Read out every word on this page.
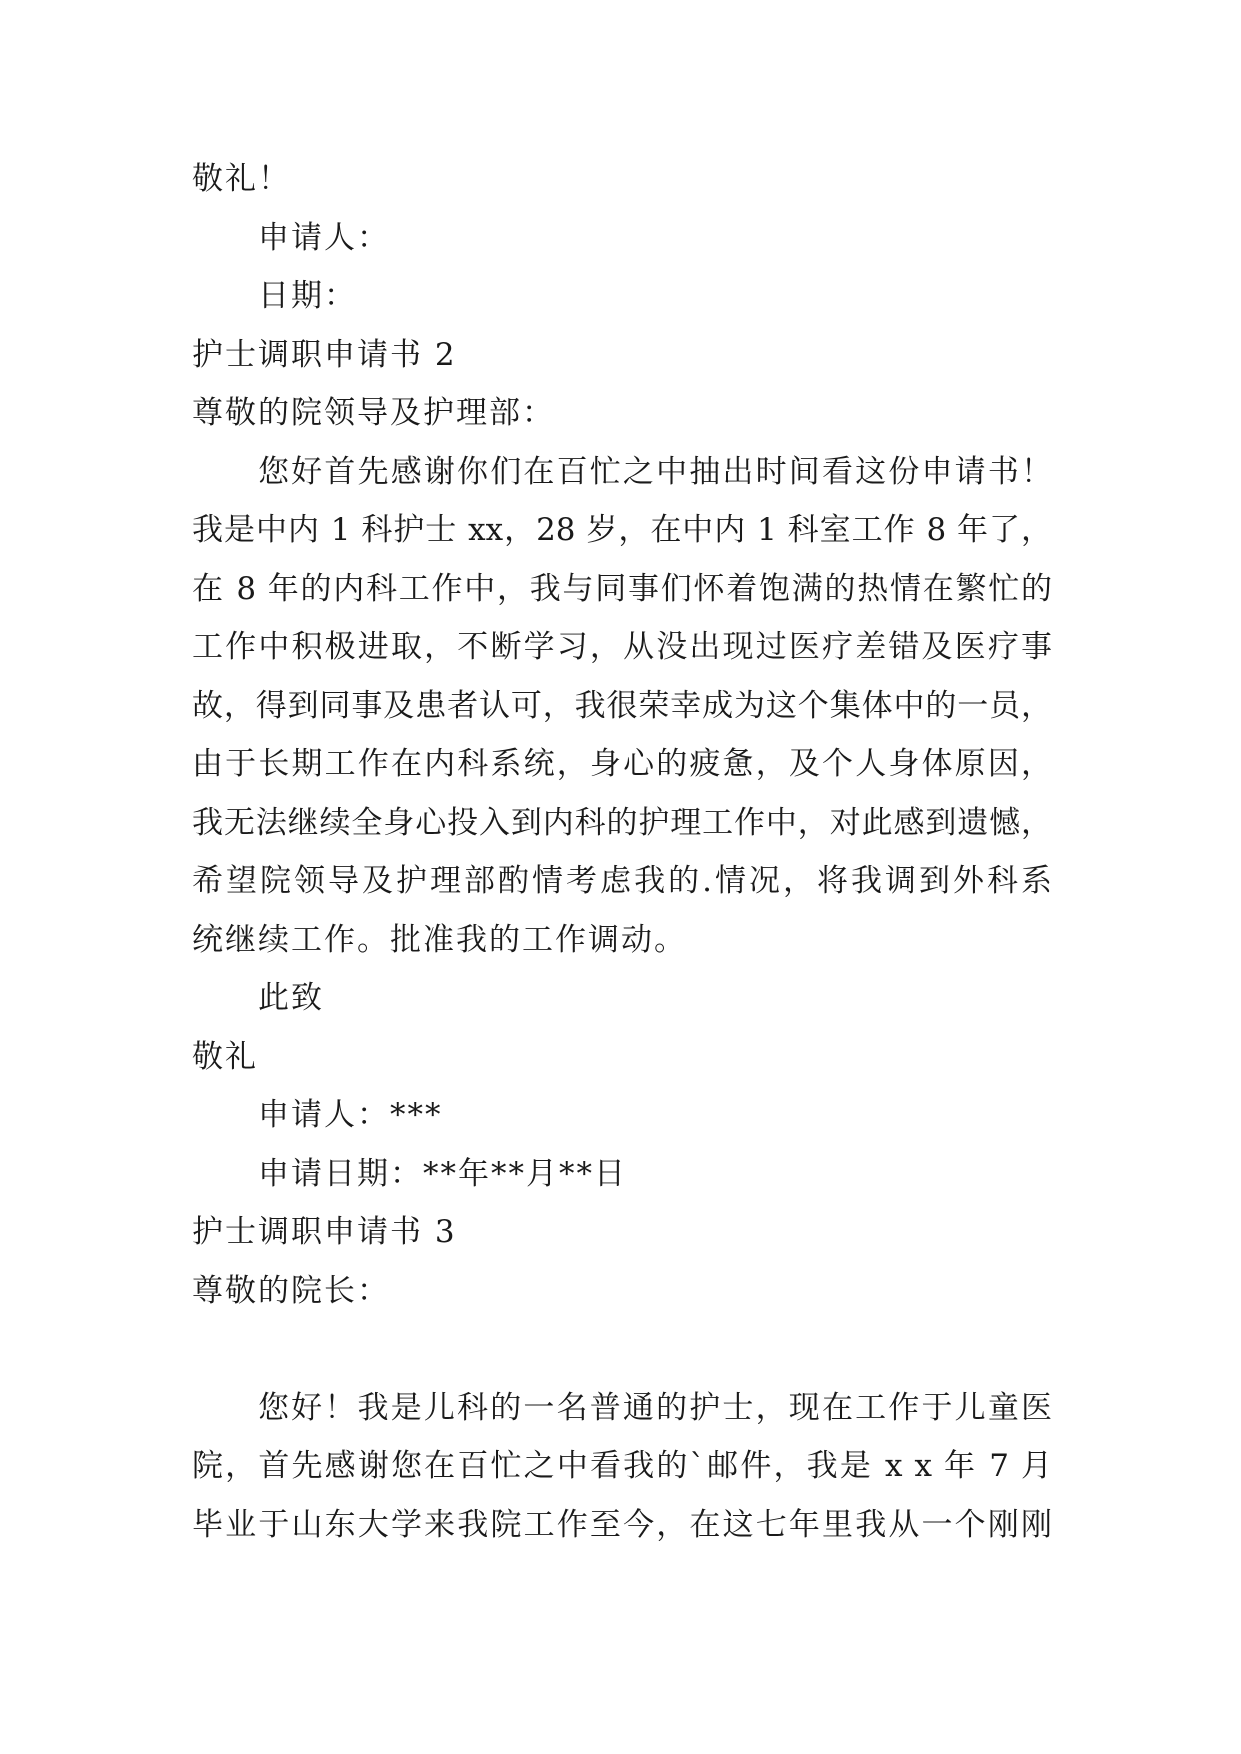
敬礼！
申请人：
日期：
护士调职申请书 2
尊敬的院领导及护理部：
您好首先感谢你们在百忙之中抽出时间看这份申请书！
我是中内 1 科护士 xx，28 岁，在中内 1 科室工作 8 年了，
在 8 年的内科工作中，我与同事们怀着饱满的热情在繁忙的
工作中积极进取，不断学习，从没出现过医疗差错及医疗事
故，得到同事及患者认可，我很荣幸成为这个集体中的一员，
由于长期工作在内科系统，身心的疲惫，及个人身体原因，
我无法继续全身心投入到内科的护理工作中，对此感到遗憾，
希望院领导及护理部酌情考虑我的.情况，将我调到外科系
统继续工作。批准我的工作调动。
此致
敬礼
申请人：***
申请日期：**年**月**日
护士调职申请书 3
尊敬的院长：
您好！我是儿科的一名普通的护士，现在工作于儿童医
院，首先感谢您在百忙之中看我的`邮件，我是 x x 年 7 月
毕业于山东大学来我院工作至今，在这七年里我从一个刚刚
